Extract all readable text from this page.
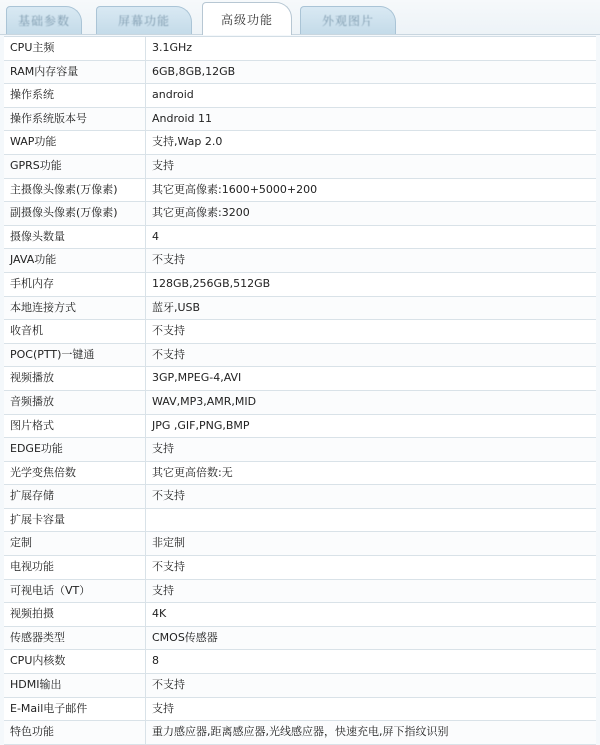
基础参数	屏幕功能	高级功能	外观图片
CPU主频	3.1GHz
RAM内存容量	6GB,8GB,12GB
操作系统	android
操作系统版本号	Android 11
WAP功能	支持,Wap 2.0
GPRS功能	支持
主摄像头像素(万像素)	其它更高像素:1600+5000+200
副摄像头像素(万像素)	其它更高像素:3200
摄像头数量	4
JAVA功能	不支持
手机内存	128GB,256GB,512GB
本地连接方式	蓝牙,USB
收音机	不支持
POC(PTT)一键通	不支持
视频播放	3GP,MPEG-4,AVI
音频播放	WAV,MP3,AMR,MID
图片格式	JPG ,GIF,PNG,BMP
EDGE功能	支持
光学变焦倍数	其它更高倍数:无
扩展存储	不支持
扩展卡容量
定制	非定制
电视功能	不支持
可视电话（VT）	支持
视频拍摄	4K
传感器类型	CMOS传感器
CPU内核数	8
HDMI输出	不支持
E-Mail电子邮件	支持
特色功能	重力感应器,距离感应器,光线感应器，快速充电,屏下指纹识别
